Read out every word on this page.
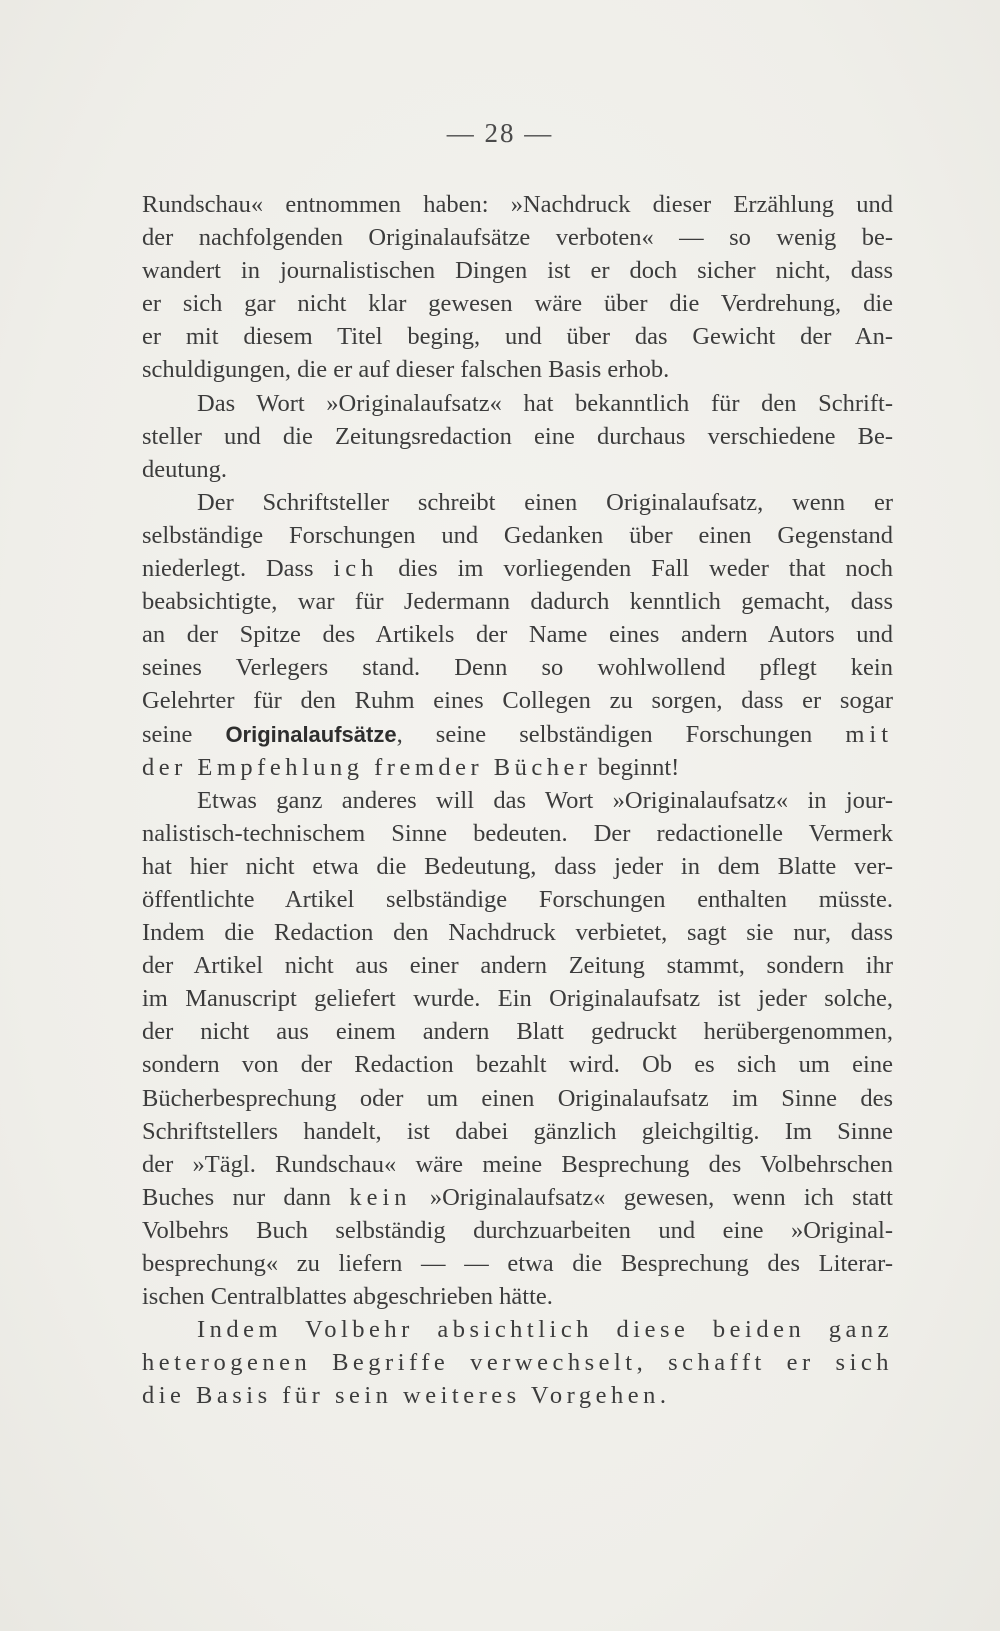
— 28 —
Rundschau« entnommen haben: »Nachdruck dieser Erzählung und
der nachfolgenden Originalaufsätze verboten« — so wenig be-
wandert in journalistischen Dingen ist er doch sicher nicht, dass
er sich gar nicht klar gewesen wäre über die Verdrehung, die
er mit diesem Titel beging, und über das Gewicht der An-
schuldigungen, die er auf dieser falschen Basis erhob.
Das Wort »Originalaufsatz« hat bekanntlich für den Schrift-
steller und die Zeitungsredaction eine durchaus verschiedene Be-
deutung.
Der Schriftsteller schreibt einen Originalaufsatz, wenn er
selbständige Forschungen und Gedanken über einen Gegenstand
niederlegt. Dass ich dies im vorliegenden Fall weder that noch
beabsichtigte, war für Jedermann dadurch kenntlich gemacht, dass
an der Spitze des Artikels der Name eines andern Autors und
seines Verlegers stand. Denn so wohlwollend pflegt kein
Gelehrter für den Ruhm eines Collegen zu sorgen, dass er sogar
seine Originalaufsätze, seine selbständigen Forschungen mit
der Empfehlung fremder Bücher beginnt!
Etwas ganz anderes will das Wort »Originalaufsatz« in jour-
nalistisch-technischem Sinne bedeuten. Der redactionelle Vermerk
hat hier nicht etwa die Bedeutung, dass jeder in dem Blatte ver-
öffentlichte Artikel selbständige Forschungen enthalten müsste.
Indem die Redaction den Nachdruck verbietet, sagt sie nur, dass
der Artikel nicht aus einer andern Zeitung stammt, sondern ihr
im Manuscript geliefert wurde. Ein Originalaufsatz ist jeder solche,
der nicht aus einem andern Blatt gedruckt herübergenommen,
sondern von der Redaction bezahlt wird. Ob es sich um eine
Bücherbesprechung oder um einen Originalaufsatz im Sinne des
Schriftstellers handelt, ist dabei gänzlich gleichgiltig. Im Sinne
der »Tägl. Rundschau« wäre meine Besprechung des Volbehrschen
Buches nur dann kein »Originalaufsatz« gewesen, wenn ich statt
Volbehrs Buch selbständig durchzuarbeiten und eine »Original-
besprechung« zu liefern — — etwa die Besprechung des Literar-
ischen Centralblattes abgeschrieben hätte.
Indem Volbehr absichtlich diese beiden ganz
heterogenen Begriffe verwechselt, schafft er sich
die Basis für sein weiteres Vorgehen.
